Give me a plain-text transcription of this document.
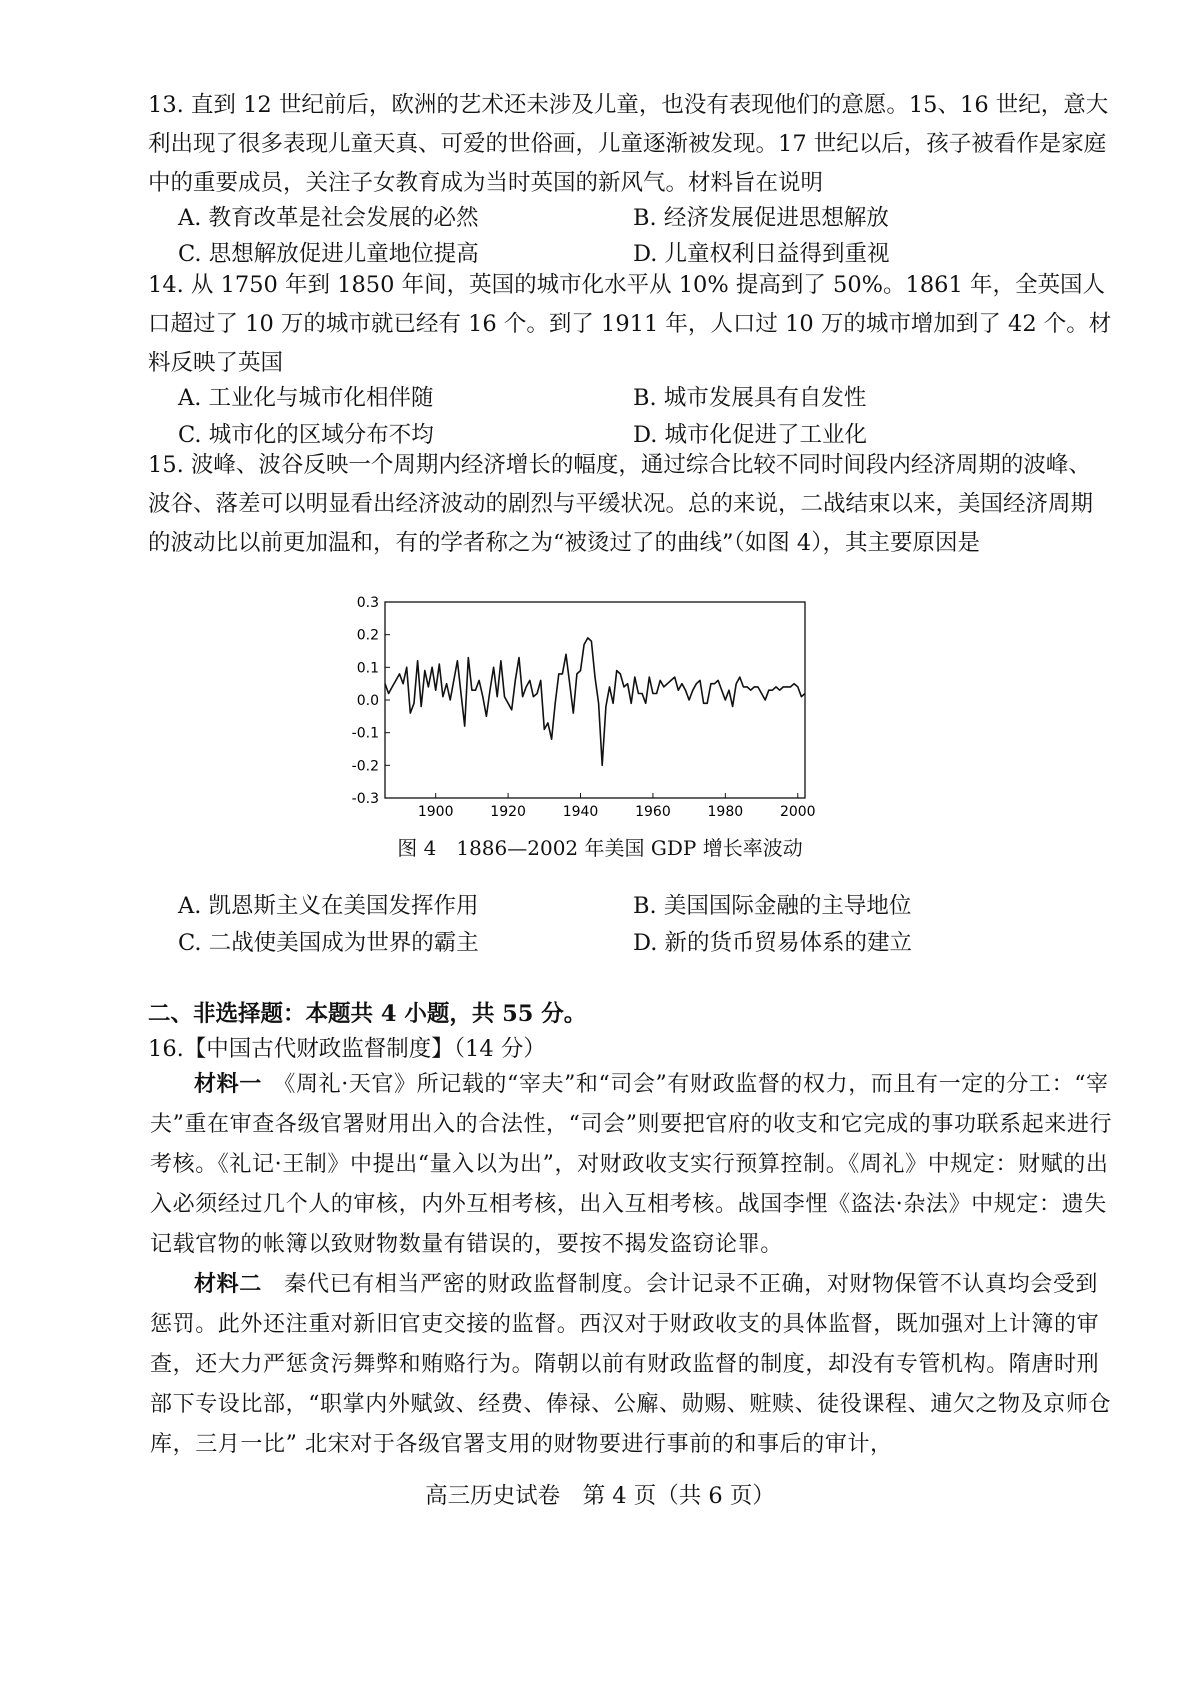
13. 直到 12 世纪前后，欧洲的艺术还未涉及儿童，也没有表现他们的意愿。15、16 世纪，意大利出现了很多表现儿童天真、可爱的世俗画，儿童逐渐被发现。17 世纪以后，孩子被看作是家庭中的重要成员，关注子女教育成为当时英国的新风气。材料旨在说明
A. 教育改革是社会发展的必然	B. 经济发展促进思想解放
C. 思想解放促进儿童地位提高	D. 儿童权利日益得到重视
14. 从 1750 年到 1850 年间，英国的城市化水平从 10% 提高到了 50%。1861 年，全英国人口超过了 10 万的城市就已经有 16 个。到了 1911 年，人口过 10 万的城市增加到了 42 个。材料反映了英国
A. 工业化与城市化相伴随	B. 城市发展具有自发性
C. 城市化的区域分布不均	D. 城市化促进了工业化
15. 波峰、波谷反映一个周期内经济增长的幅度，通过综合比较不同时间段内经济周期的波峰、波谷、落差可以明显看出经济波动的剧烈与平缓状况。总的来说，二战结束以来，美国经济周期的波动比以前更加温和，有的学者称之为“被烫过了的曲线”（如图 4），其主要原因是
0.3
0.2
0.1
0.0
-0.1
-0.2
-0.3
1900	1920	1940	1960	1980	2000
图 4　1886—2002 年美国 GDP 增长率波动
A. 凯恩斯主义在美国发挥作用	B. 美国国际金融的主导地位
C. 二战使美国成为世界的霸主	D. 新的货币贸易体系的建立
二、非选择题：本题共 4 小题，共 55 分。
16.【中国古代财政监督制度】（14 分）
材料一　 《周礼·天官》所记载的“宰夫”和“司会”有财政监督的权力，而且有一定的分工：“宰夫”重在审查各级官署财用出入的合法性，“司会”则要把官府的收支和它完成的事功联系起来进行考核。《礼记·王制》中提出“量入以为出”，对财政收支实行预算控制。《周礼》中规定：财赋的出入必须经过几个人的审核，内外互相考核，出入互相考核。战国李悝《盗法·杂法》中规定：遗失记载官物的帐簿以致财物数量有错误的，要按不揭发盗窃论罪。
材料二　 秦代已有相当严密的财政监督制度。会计记录不正确，对财物保管不认真均会受到惩罚。此外还注重对新旧官吏交接的监督。西汉对于财政收支的具体监督，既加强对上计簿的审查，还大力严惩贪污舞弊和贿赂行为。隋朝以前有财政监督的制度，却没有专管机构。隋唐时刑部下专设比部，“职掌内外赋敛、经费、俸禄、公廨、勋赐、赃赎、徒役课程、逋欠之物及京师仓库，三月一比” 北宋对于各级官署支用的财物要进行事前的和事后的审计，
高三历史试卷　第 4 页（共 6 页）
